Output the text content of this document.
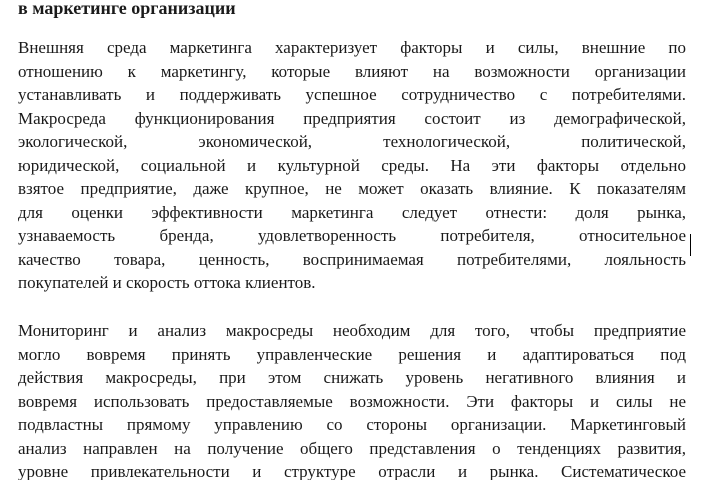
в маркетинге организации
Внешняя среда маркетинга характеризует факторы и силы, внешние по
отношению к маркетингу, которые влияют на возможности организации
устанавливать и поддерживать успешное сотрудничество с потребителями.
Макросреда функционирования предприятия состоит из демографической,
экологической, экономической, технологической, политической,
юридической, социальной и культурной среды. На эти факторы отдельно
взятое предприятие, даже крупное, не может оказать влияние. К показателям
для оценки эффективности маркетинга следует отнести: доля рынка,
узнаваемость бренда, удовлетворенность потребителя, относительное
качество товара, ценность, воспринимаемая потребителями, лояльность
покупателей и скорость оттока клиентов.
Мониторинг и анализ макросреды необходим для того, чтобы предприятие
могло вовремя принять управленческие решения и адаптироваться под
действия макросреды, при этом снижать уровень негативного влияния и
вовремя использовать предоставляемые возможности. Эти факторы и силы не
подвластны прямому управлению со стороны организации. Маркетинговый
анализ направлен на получение общего представления о тенденциях развития,
уровне привлекательности и структуре отрасли и рынка. Систематическое
